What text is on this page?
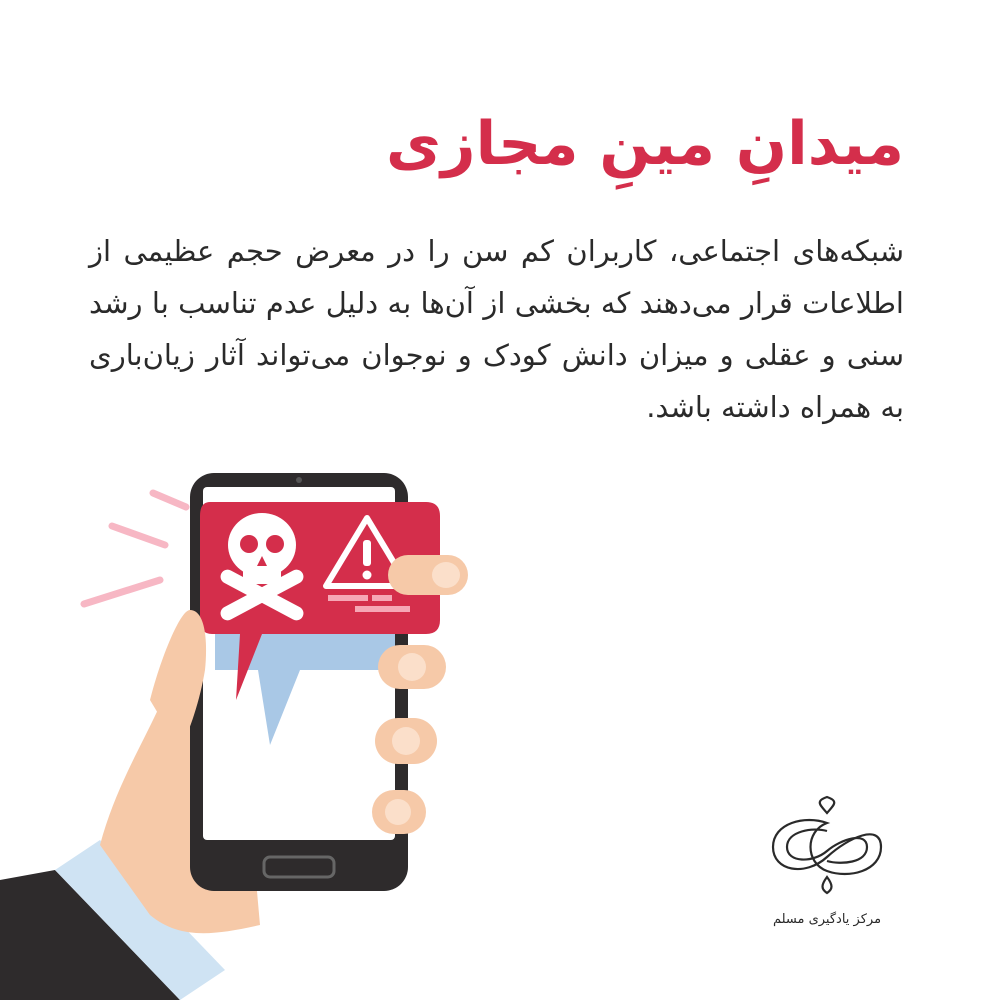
میدانِ مینِ مجازی

شبکه‌های اجتماعی، کاربران کم سن را در معرض حجم عظیمی از اطلاعات قرار می‌دهند که بخشی از آن‌ها به دلیل عدم تناسب با رشد سنی و عقلی و میزان دانش کودک و نوجوان می‌تواند آثار زیان‌باری به همراه داشته باشد.

مرکز یادگیری مسلم
